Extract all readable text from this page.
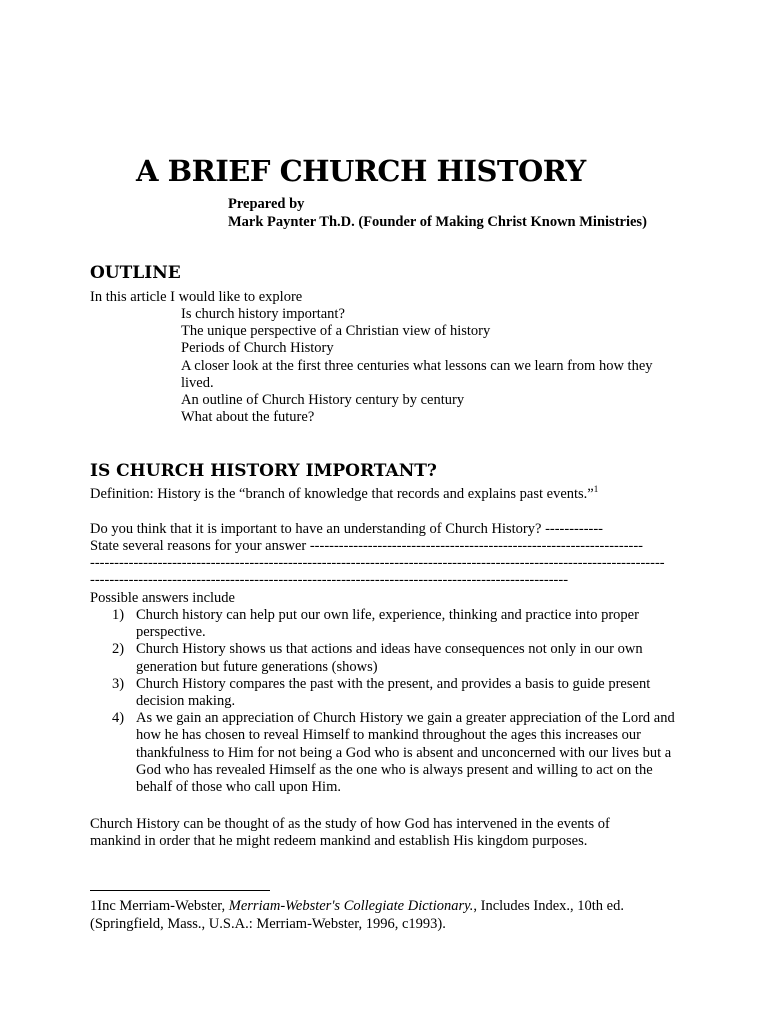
A BRIEF CHURCH HISTORY
Prepared by
Mark Paynter Th.D. (Founder of Making Christ Known Ministries)
OUTLINE
In this article I would like to explore
Is church history important?
The unique perspective of a Christian view of history
Periods of Church History
A closer look at the first three centuries what lessons can we learn from how they lived.
An outline of Church History century by century
What about the future?
IS CHURCH HISTORY IMPORTANT?
Definition: History is the “branch of knowledge that records and explains past events.”$^1$
Do you think that it is important to have an understanding of Church History? ------------
State several reasons for your answer ---------------------------------------------------------------------
-----------------------------------------------------------------------------------------------------------------------
---------------------------------------------------------------------------------------------------
Possible answers include
1) Church history can help put our own life, experience, thinking and practice into proper perspective.
2) Church History shows us that actions and ideas have consequences not only in our own generation but future generations (shows)
3) Church History compares the past with the present, and provides a basis to guide present decision making.
4) As we gain an appreciation of Church History we gain a greater appreciation of the Lord and how he has chosen to reveal Himself to mankind throughout the ages this increases our thankfulness to Him for not being a God who is absent and unconcerned with our lives but a God who has revealed Himself as the one who is always present and willing to act on the behalf of those who call upon Him.
Church History can be thought of as the study of how God has intervened in the events of mankind in order that he might redeem mankind and establish His kingdom purposes.
1Inc Merriam-Webster, Merriam-Webster's Collegiate Dictionary., Includes Index., 10th ed. (Springfield, Mass., U.S.A.: Merriam-Webster, 1996, c1993).
